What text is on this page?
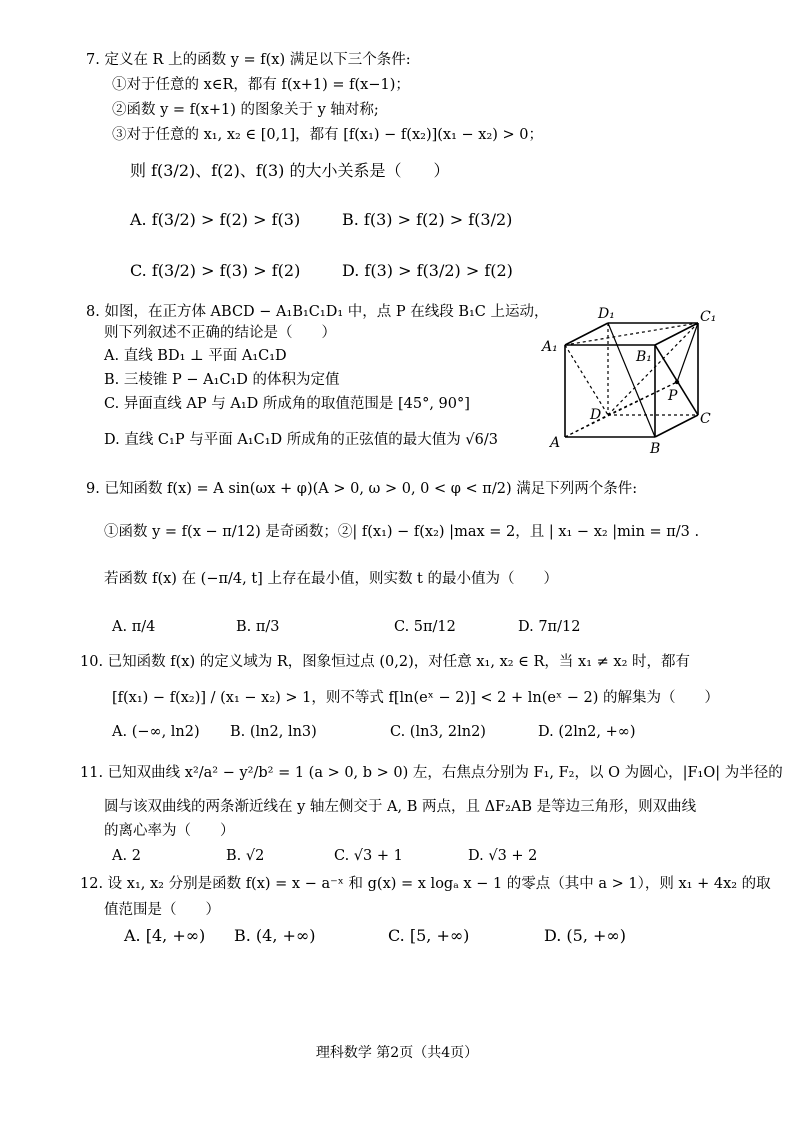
7. 定义在 R 上的函数 y = f(x) 满足以下三个条件:
①对于任意的 x∈R，都有 f(x+1) = f(x−1)；
②函数 y = f(x+1) 的图象关于 y 轴对称;
③对于任意的 x₁, x₂ ∈ [0,1]，都有 [f(x₁) − f(x₂)](x₁ − x₂) > 0；
则 f(3/2)、f(2)、f(3) 的大小关系是（　　）
A. f(3/2) > f(2) > f(3)	B. f(3) > f(2) > f(3/2)
C. f(3/2) > f(3) > f(2)	D. f(3) > f(3/2) > f(2)
8. 如图，在正方体 ABCD − A₁B₁C₁D₁ 中，点 P 在线段 B₁C 上运动，
则下列叙述不正确的结论是（　　）
A. 直线 BD₁ ⊥ 平面 A₁C₁D
B. 三棱锥 P − A₁C₁D 的体积为定值
C. 异面直线 AP 与 A₁D 所成角的取值范围是 [45°, 90°]
D. 直线 C₁P 与平面 A₁C₁D 所成角的正弦值的最大值为 √6/3
D₁	C₁
A₁
B₁
D
P
C
A	B
9. 已知函数 f(x) = A sin(ωx + φ)(A > 0, ω > 0, 0 < φ < π/2) 满足下列两个条件:
①函数 y = f(x − π/12) 是奇函数；②| f(x₁) − f(x₂) |max = 2，且 | x₁ − x₂ |min = π/3 .
若函数 f(x) 在 (−π/4, t] 上存在最小值，则实数 t 的最小值为（　　）
A. π/4	B. π/3	C. 5π/12	D. 7π/12
10. 已知函数 f(x) 的定义域为 R，图象恒过点 (0,2)，对任意 x₁, x₂ ∈ R，当 x₁ ≠ x₂ 时，都有
[f(x₁) − f(x₂)] / (x₁ − x₂) > 1，则不等式 f[ln(eˣ − 2)] < 2 + ln(eˣ − 2) 的解集为（　　）
A. (−∞, ln2) B. (ln2, ln3)	C. (ln3, 2ln2)	D. (2ln2, +∞)
11. 已知双曲线 x²/a² − y²/b² = 1 (a > 0, b > 0) 左，右焦点分别为 F₁, F₂，以 O 为圆心，|F₁O| 为半径的
圆与该双曲线的两条渐近线在 y 轴左侧交于 A, B 两点，且 ΔF₂AB 是等边三角形，则双曲线
的离心率为（　　）
A. 2	B. √2	C. √3 + 1	D. √3 + 2
12. 设 x₁, x₂ 分别是函数 f(x) = x − a⁻ˣ 和 g(x) = x logₐ x − 1 的零点（其中 a > 1），则 x₁ + 4x₂ 的取
值范围是（　　）
A. [4, +∞) B. (4, +∞)	C. [5, +∞)	D. (5, +∞)
理科数学 第2页（共4页）
